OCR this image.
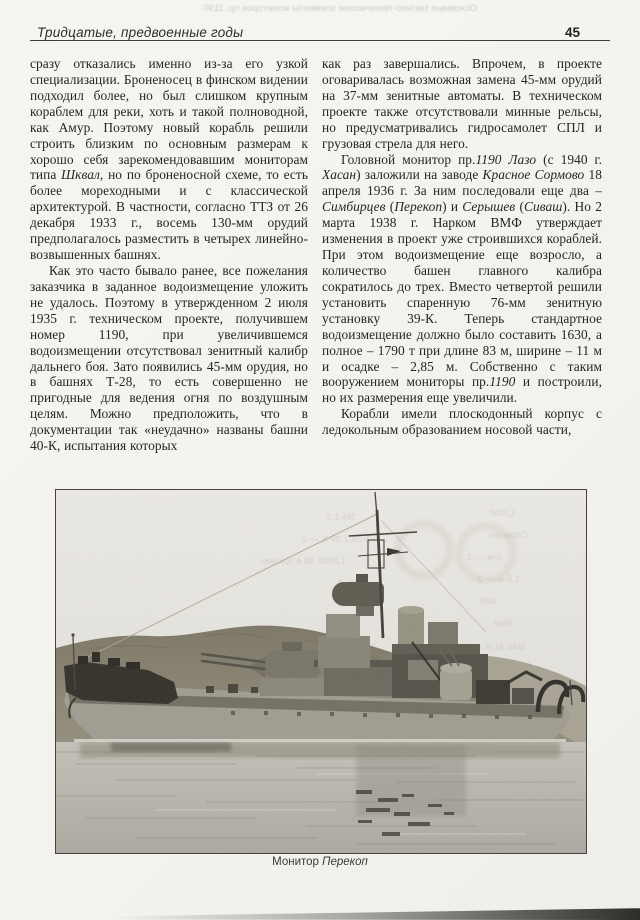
Основные тактико-технические элементы мониторов пр. 1190
Тридцатые, предвоенные годы	45

сразу отказались именно из-за его узкой специализации. Броненосец в финском видении подходил более, но был слишком крупным кораблем для реки, хоть и такой полноводной, как Амур. Поэтому новый корабль решили строить близким по основным размерам к хорошо себя зарекомендовавшим мониторам типа Шквал, но по броненосной схеме, то есть более мореходными и с классической архитектурой. В частности, согласно ТТЗ от 26 декабря 1933 г., восемь 130-мм орудий предполагалось разместить в четырех линейно-возвышенных башнях.

Как это часто бывало ранее, все пожелания заказчика в заданное водоизмещение уложить не удалось. Поэтому в утвержденном 2 июля 1935 г. техническом проекте, получившем номер 1190, при увеличившемся водоизмещении отсутствовал зенитный калибр дальнего боя. Зато появились 45-мм орудия, но в башнях Т-28, то есть совершенно не пригодные для ведения огня по воздушным целям. Можно предположить, что в документации так «неудачно» названы башни 40-К, испытания которых

как раз завершались. Впрочем, в проекте оговаривалась возможная замена 45-мм орудий на 37-мм зенитные автоматы. В техническом проекте также отсутствовали минные рельсы, но предусматривались гидросамолет СПЛ и грузовая стрела для него.

Головной монитор пр.1190 Лазо (с 1940 г. Хасан) заложили на заводе Красное Сормово 18 апреля 1936 г. За ним последовали еще два – Симбирцев (Перекоп) и Серышев (Сиваш). Но 2 марта 1938 г. Нарком ВМФ утверждает изменения в проект уже строившихся кораблей. При этом водоизмещение еще возросло, а количество башен главного калибра сократилось до трех. Вместо четвертой решили установить спаренную 76-мм зенитную установку 39-К. Теперь стандартное водоизмещение должно было составить 1630, а полное – 1790 т при длине 83 м, ширине – 11 м и осадке – 2,85 м. Собственно с таким вооружением мониторы пр.1190 и построили, но их размерения еще увеличили.

Корабли имели плоскодонный корпус с ледокольным образованием носовой части,

Монитор Перекоп
